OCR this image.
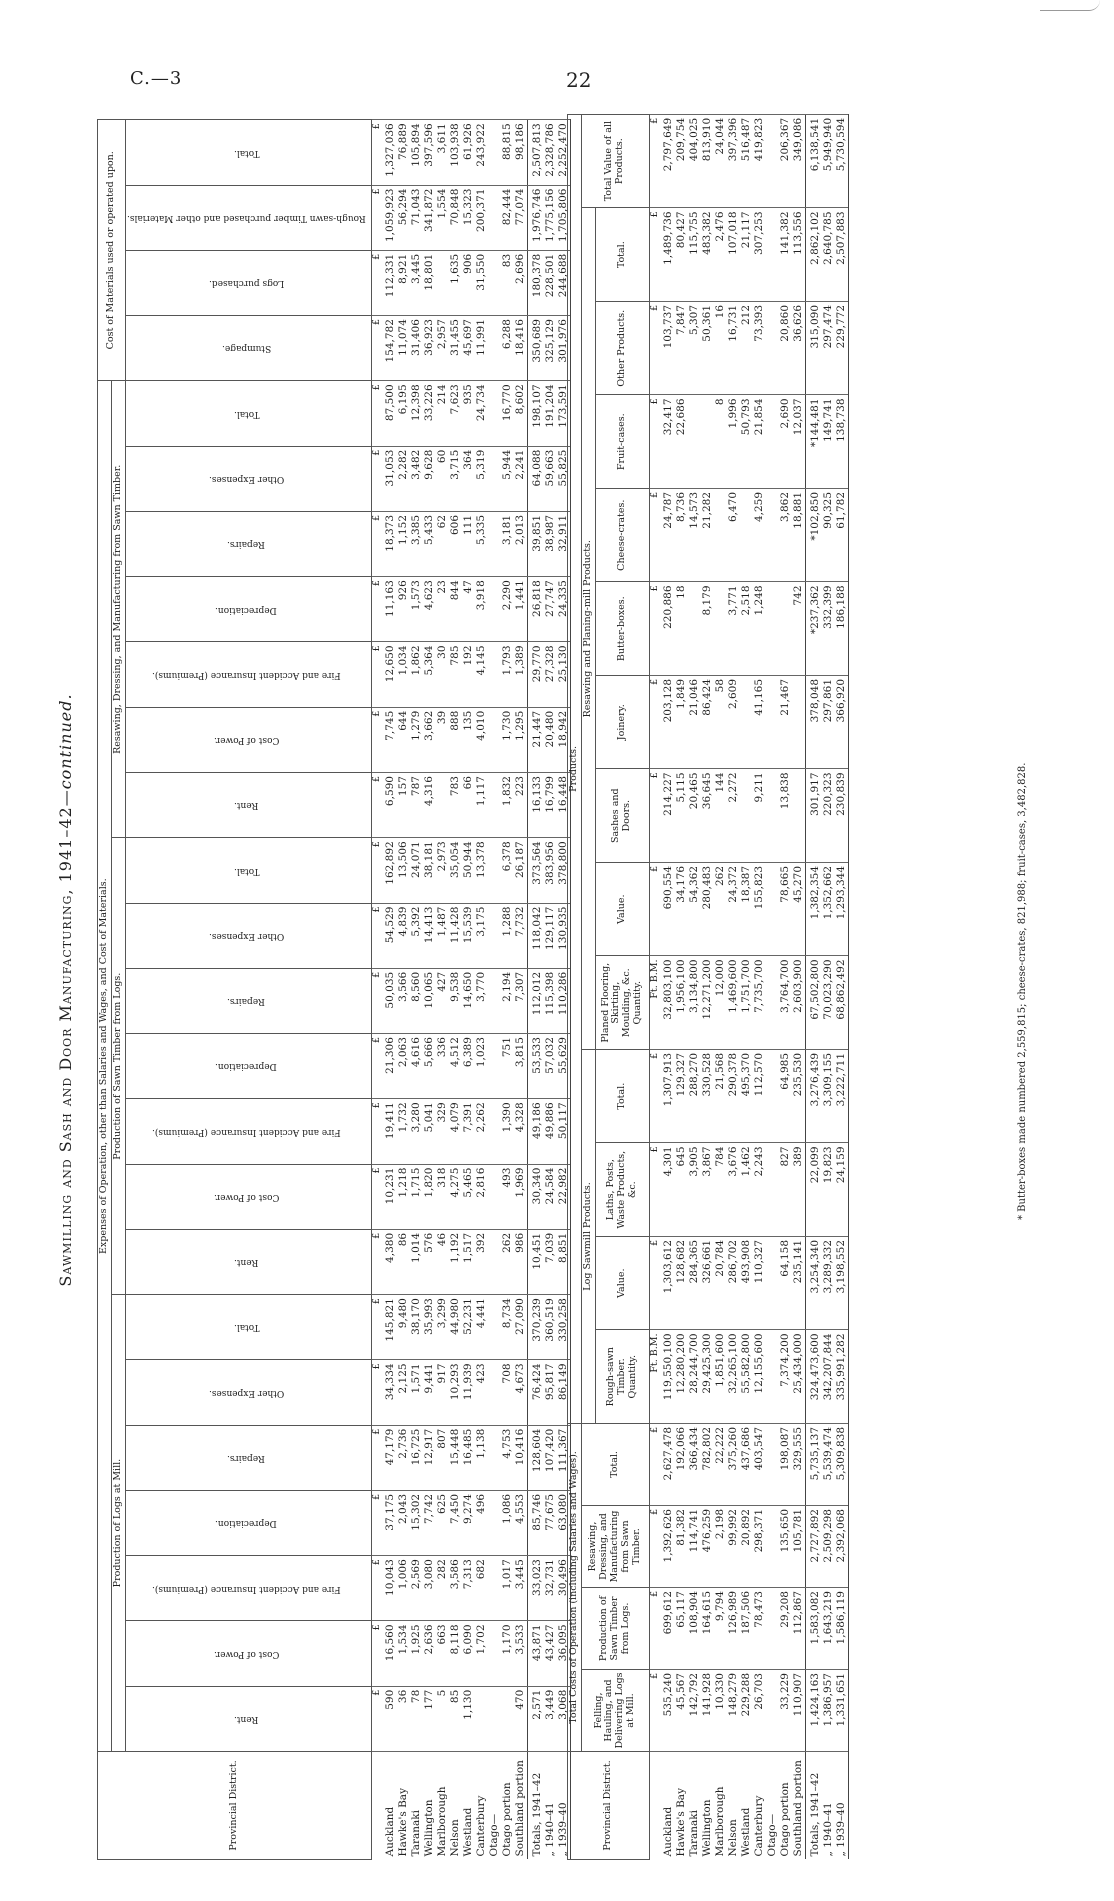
C.—3	22
Sawmilling and Sash and Door Manufacturing, 1941–42—continued.
Provincial District.	Expenses of Operation, other than Salaries and Wages, and Cost of Materials.																					Cost of Materials used or operated upon.			
	Production of Logs at Mill.							Production of Sawn Timber from Logs.							Resawing, Dressing, and Manufacturing from Sawn Timber.										
	Rent.	Cost of Power.	Fire and Accident Insurance (Premiums).	Depreciation.	Repairs.	Other Expenses.	Total.	Rent.	Cost of Power.	Fire and Accident Insurance (Premiums).	Depreciation.	Repairs.	Other Expenses.	Total.	Rent.	Cost of Power.	Fire and Accident Insurance (Premiums).	Depreciation.	Repairs.	Other Expenses.	Total.	Stumpage.	Logs purchased.	Rough-sawn Timber purchased and other Materials.	Total.
	£	£	£	£	£	£	£	£	£	£	£	£	£	£	£	£	£	£	£	£	£	£	£	£	£
Auckland	590	16,560	10,043	37,175	47,179	34,334	145,821	4,380	10,231	19,411	21,306	50,035	54,529	162,892	6,590	7,745	12,650	11,163	18,373	31,053	87,500	154,782	112,331	1,059,923	1,327,036
Hawke's Bay	36	1,534	1,006	2,043	2,736	2,125	9,480	86	1,218	1,732	2,063	3,566	4,839	13,506	157	644	1,034	926	1,152	2,282	6,195	11,074	8,921	56,294	76,889
Taranaki	78	1,925	2,569	15,302	16,725	1,571	38,170	1,014	1,715	3,280	4,616	8,560	5,392	24,071	787	1,279	1,862	1,573	3,385	3,482	12,398	31,406	3,445	71,043	105,894
Wellington	177	2,636	3,080	7,742	12,917	9,441	35,993	576	1,820	5,041	5,666	10,065	14,413	38,181	4,316	3,662	5,364	4,623	5,433	9,628	33,226	36,923	18,801	341,872	397,596
Marlborough	5	663	282	625	807	917	3,299	46	318	329	336	427	1,487	2,973		39	30	23	62	60	214	2,957		1,554	3,611
Nelson	85	8,118	3,586	7,450	15,448	10,293	44,980	1,192	4,275	4,079	4,512	9,538	11,428	35,054	783	888	785	844	606	3,715	7,623	31,455	1,635	70,848	103,938
Westland	1,130	6,090	7,313	9,274	16,485	11,939	52,231	1,517	5,465	7,391	6,389	14,650	15,539	50,944	66	135	192	47	111	364	935	45,697	906	15,323	61,926
Canterbury		1,702	682	496	1,138	423	4,441	392	2,816	2,262	1,023	3,770	3,175	13,378	1,117	4,010	4,145	3,918	5,335	5,319	24,734	11,991	31,550	200,371	243,922
Otago—																									
Otago portion		1,170	1,017	1,086	4,753	708	8,734	262	493	1,390	751	2,194	1,288	6,378	1,832	1,730	1,793	2,290	3,181	5,944	16,770	6,288	83	82,444	88,815
Southland portion	470	3,533	3,445	4,553	10,416	4,673	27,090	986	1,969	4,328	3,815	7,307	7,732	26,187	223	1,295	1,389	1,441	2,013	2,241	8,602	18,416	2,696	77,074	98,186
Totals, 1941–42	2,571	43,871	33,023	85,746	128,604	76,424	370,239	10,451	30,340	49,186	53,533	112,012	118,042	373,564	16,133	21,447	29,770	26,818	39,851	64,088	198,107	350,689	180,378	1,976,746	2,507,813
„ 1940–41	3,449	43,427	32,731	77,675	107,420	95,817	360,519	7,039	24,584	49,886	57,032	115,398	129,117	383,956	16,799	20,480	27,328	27,747	38,987	59,663	191,204	325,129	228,501	1,775,156	2,328,786
„ 1939–40	3,068	36,095	30,496	63,080	111,367	86,149	330,258	8,851	22,982	50,117	55,629	110,286	130,935	378,800	16,448	18,942	25,130	24,335	32,911	55,825	173,591	301,976	244,688	1,705,806	2,252,470
Provincial District.	Total Costs of Operation (including Salaries and Wages).				Products.													
	Felling, Hauling, and Delivering Logs at Mill.	Production of Sawn Timber from Logs.	Resawing, Dressing, and Manufacturing from Sawn Timber.	Total.	Log Sawmill Products.				Resawing and Planing-mill Products.									Total Value of all Products.
					Rough-sawn Timber.
Quantity.	Value.	Laths, Posts, Waste Products, &c.	Total.	Planed Flooring, Skirting, Moulding, &c.
Quantity.	Value.	Sashes and Doors.	Joinery.	Butter-boxes.	Cheese-crates.	Fruit-cases.	Other Products.	Total.	
	£	£	£	£	Ft. B.M.	£	£	£	Ft. B.M.	£	£	£	£	£	£	£	£	£
Auckland	535,240	699,612	1,392,626	2,627,478	119,550,100	1,303,612	4,301	1,307,913	32,803,100	690,554	214,227	203,128	220,886	24,787	32,417	103,737	1,489,736	2,797,649
Hawke's Bay	45,567	65,117	81,382	192,066	12,280,200	128,682	645	129,327	1,956,100	34,176	5,115	1,849	18	8,736	22,686	7,847	80,427	209,754
Taranaki	142,792	108,904	114,741	366,434	28,244,700	284,365	3,905	288,270	3,134,800	54,362	20,465	21,046		14,573		5,307	115,755	404,025
Wellington	141,928	164,615	476,259	782,802	29,425,300	326,661	3,867	330,528	12,271,200	280,483	36,645	86,424	8,179	21,282		50,361	483,382	813,910
Marlborough	10,330	9,794	2,198	22,222	1,851,600	20,784	784	21,568	12,000	262	144	58			8	16	2,476	24,044
Nelson	148,279	126,989	99,992	375,260	32,265,100	286,702	3,676	290,378	1,469,600	24,372	2,272	2,609	3,771	6,470	1,996	16,731	107,018	397,396
Westland	229,288	187,506	20,892	437,686	55,582,800	493,908	1,462	495,370	1,751,700	18,387			2,518		50,793	212	21,117	516,487
Canterbury	26,703	78,473	298,371	403,547	12,155,600	110,327	2,243	112,570	7,735,700	155,823	9,211	41,165	1,248	4,259	21,854	73,393	307,253	419,823
Otago—																		
Otago portion	33,229	29,208	135,650	198,087	7,374,200	64,158	827	64,985	3,764,700	78,665	13,838	21,467		3,862	2,690	20,860	141,382	206,367
Southland portion	110,907	112,867	105,781	329,555	25,434,000	235,141	389	235,530	2,603,900	45,270			742	18,881	12,037	36,626	113,556	349,086
Totals, 1941–42	1,424,163	1,583,082	2,727,892	5,735,137	324,473,600	3,254,340	22,099	3,276,439	67,502,800	1,382,354	301,917	378,048	*237,362	*102,850	*144,481	315,090	2,862,102	6,138,541
„ 1940–41	1,386,957	1,643,219	2,509,298	5,539,474	342,207,844	3,289,332	19,823	3,309,155	70,023,290	1,352,662	220,323	297,861	332,399	90,325	149,741	297,474	2,640,785	5,949,940
„ 1939–40	1,331,651	1,586,119	2,392,068	5,309,838	335,991,282	3,198,552	24,159	3,222,711	68,862,492	1,293,344	230,839	366,920	186,188	61,782	138,738	229,772	2,507,883	5,730,594
* Butter-boxes made numbered 2,559,815; cheese-crates, 821,988; fruit-cases, 3,482,828.
